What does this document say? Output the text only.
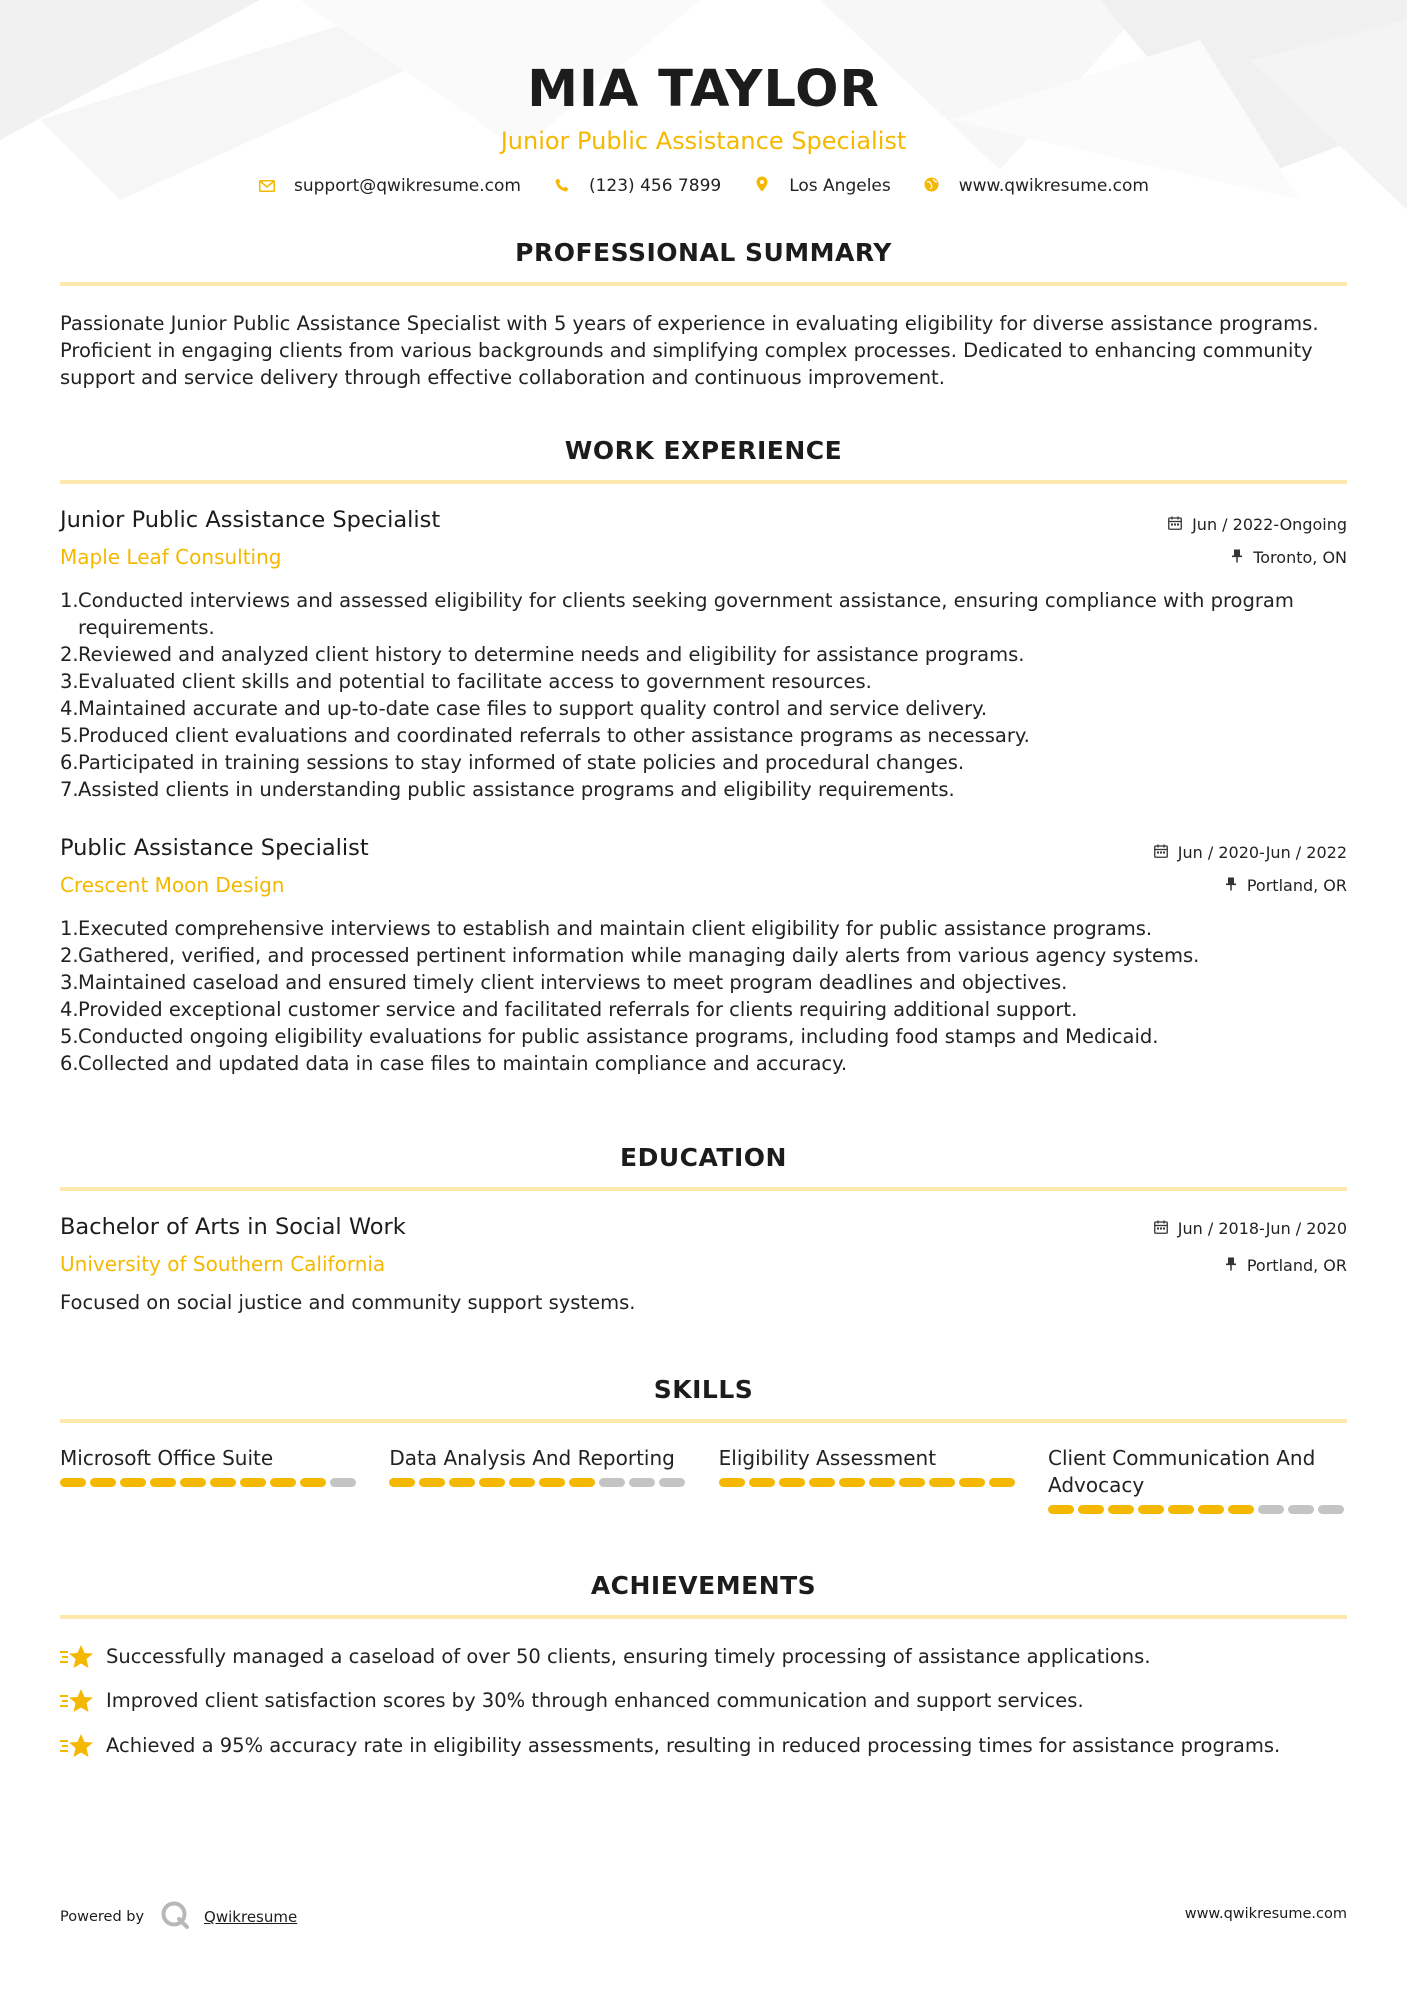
MIA TAYLOR
Junior Public Assistance Specialist
support@qwikresume.com	(123) 456 7899	Los Angeles	www.qwikresume.com
PROFESSIONAL SUMMARY
Passionate Junior Public Assistance Specialist with 5 years of experience in evaluating eligibility for diverse assistance programs. Proficient in engaging clients from various backgrounds and simplifying complex processes. Dedicated to enhancing community support and service delivery through effective collaboration and continuous improvement.
WORK EXPERIENCE
Junior Public Assistance Specialist	Jun / 2022-Ongoing
Maple Leaf Consulting	Toronto, ON
1. Conducted interviews and assessed eligibility for clients seeking government assistance, ensuring compliance with program requirements.
2. Reviewed and analyzed client history to determine needs and eligibility for assistance programs.
3. Evaluated client skills and potential to facilitate access to government resources.
4. Maintained accurate and up-to-date case files to support quality control and service delivery.
5. Produced client evaluations and coordinated referrals to other assistance programs as necessary.
6. Participated in training sessions to stay informed of state policies and procedural changes.
7. Assisted clients in understanding public assistance programs and eligibility requirements.
Public Assistance Specialist	Jun / 2020-Jun / 2022
Crescent Moon Design	Portland, OR
1. Executed comprehensive interviews to establish and maintain client eligibility for public assistance programs.
2. Gathered, verified, and processed pertinent information while managing daily alerts from various agency systems.
3. Maintained caseload and ensured timely client interviews to meet program deadlines and objectives.
4. Provided exceptional customer service and facilitated referrals for clients requiring additional support.
5. Conducted ongoing eligibility evaluations for public assistance programs, including food stamps and Medicaid.
6. Collected and updated data in case files to maintain compliance and accuracy.
EDUCATION
Bachelor of Arts in Social Work	Jun / 2018-Jun / 2020
University of Southern California	Portland, OR
Focused on social justice and community support systems.
SKILLS
Microsoft Office Suite	Data Analysis And Reporting	Eligibility Assessment	Client Communication And Advocacy
ACHIEVEMENTS
Successfully managed a caseload of over 50 clients, ensuring timely processing of assistance applications.
Improved client satisfaction scores by 30% through enhanced communication and support services.
Achieved a 95% accuracy rate in eligibility assessments, resulting in reduced processing times for assistance programs.
Powered by	Qwikresume	www.qwikresume.com
